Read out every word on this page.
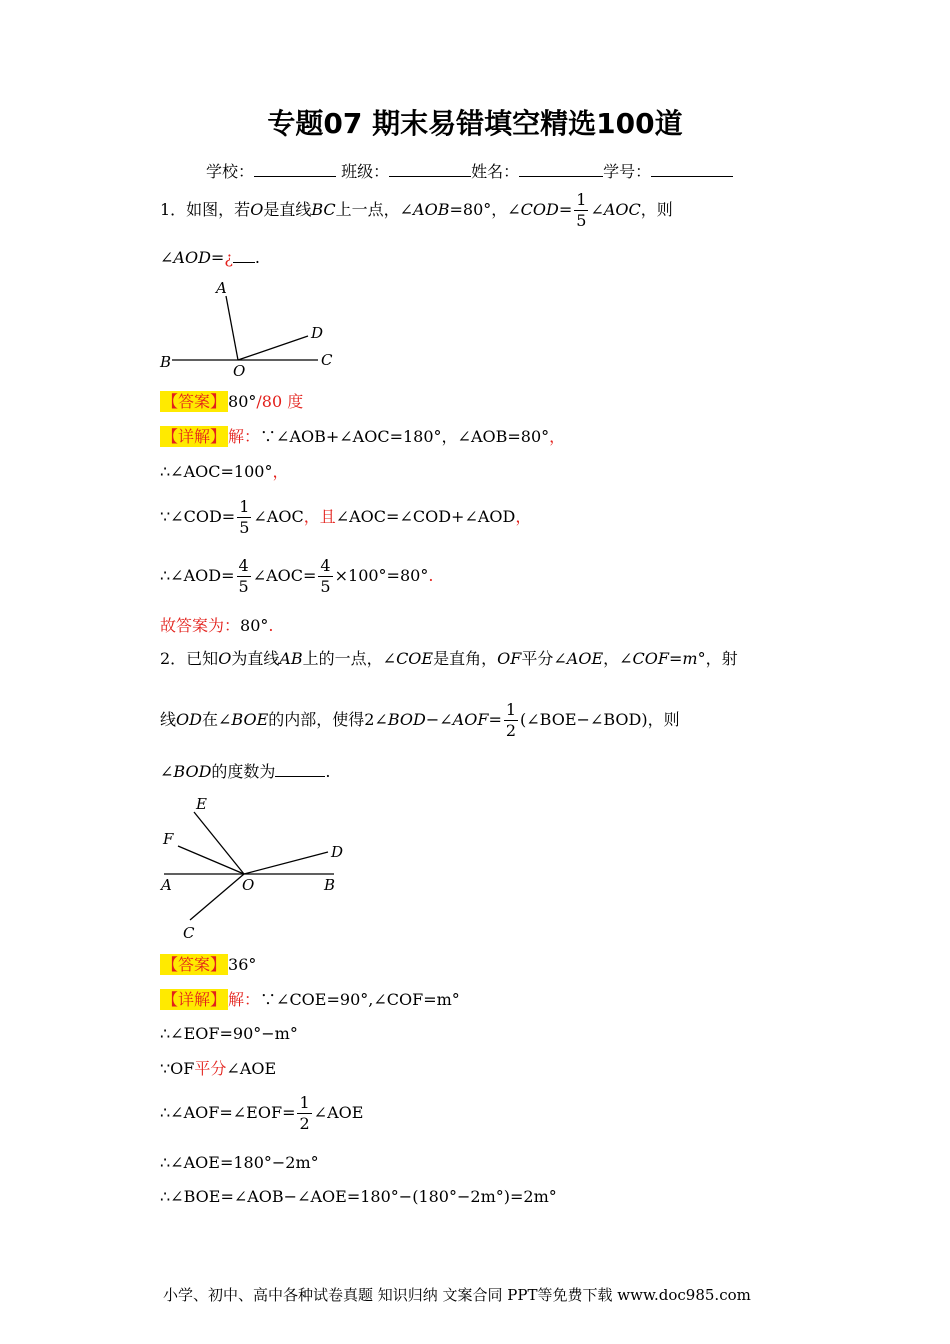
专题07 期末易错填空精选100道
学校：	班级：	姓名：	学号：
1．如图，若O是直线BC上一点，∠AOB=80°，∠COD= $\frac{1}{5}$ ∠AOC，则
∠AOD=¿ .
A
B	O
C
D
【答案】 80°/80 度
【详解】 解：∵∠AOB+∠AOC=180°，∠AOB=80°，
∴∠AOC=100°，
∵∠COD= $\frac{1}{5}$ ∠AOC，且∠AOC=∠COD+∠AOD，
∴∠AOD= $\frac{4}{5}$ ∠AOC= $\frac{4}{5} \times 100^\circ=80^\circ$.
故答案为：80°.
2．已知O为直线AB上的一点，∠COE是直角，OF平分∠AOE，∠COF=m°，射
线OD在∠BOE的内部，使得2∠BOD−∠AOF= $\frac{1}{2}$ (∠BOE−∠BOD)，则
∠BOD的度数为	.
E
F
D
A	O	B
C
【答案】 36°
【详解】 解：∵∠COE=90°,∠COF=m°
∴∠EOF=90°−m°
∵OF平分∠AOE
∴∠AOF=∠EOF= $\frac{1}{2}$ ∠AOE
∴∠AOE=180°−2m°
∴∠BOE=∠AOB−∠AOE=180°−(180°−2m°)=2m°
小学、初中、高中各种试卷真题 知识归纳 文案合同 PPT等免费下载 www.doc985.com
